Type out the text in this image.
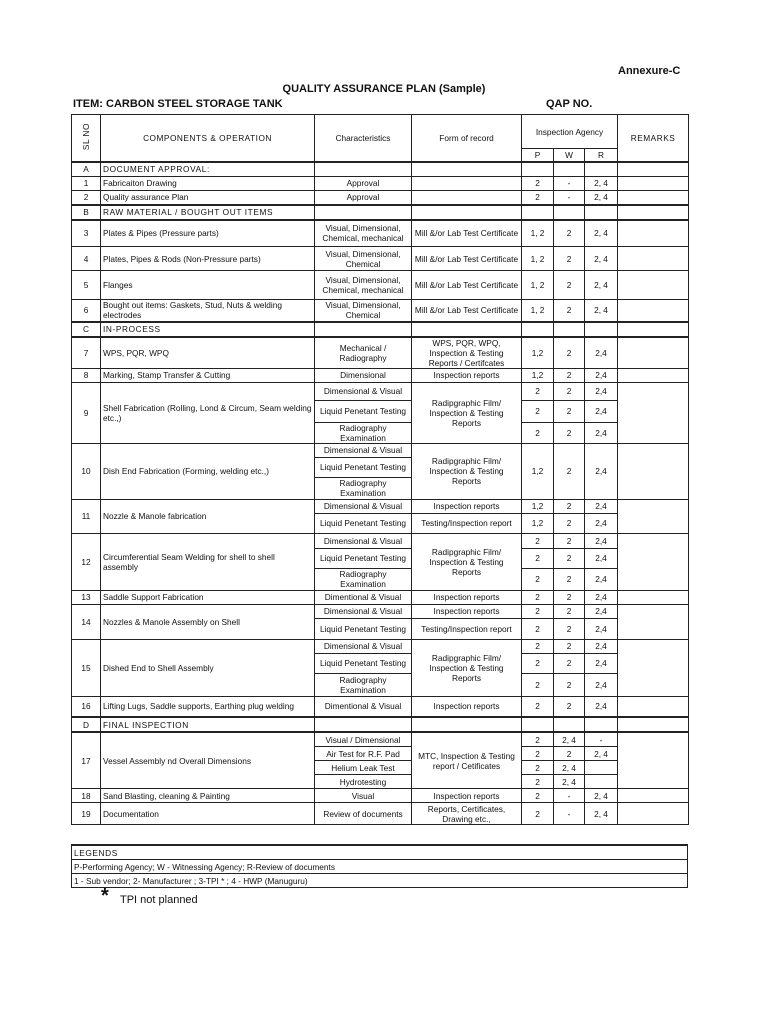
Annexure-C
QUALITY ASSURANCE PLAN (Sample)
ITEM: CARBON STEEL STORAGE TANK	QAP NO.
SL NO	COMPONENTS & OPERATION	Characteristics	Form of record	Inspection Agency			REMARKS
				P	W	R	
A	DOCUMENT APPROVAL:						
1	Fabricaiton Drawing	Approval		2	-	2, 4	
2	Quality assurance Plan	Approval		2	-	2, 4	
B	RAW MATERIAL / BOUGHT OUT ITEMS						
3	Plates & Pipes (Pressure parts)	Visual, Dimensional, Chemical, mechanical	Mill &/or Lab Test Certificate	1, 2	2	2, 4	
4	Plates, Pipes & Rods (Non-Pressure parts)	Visual, Dimensional, Chemical	Mill &/or Lab Test Certificate	1, 2	2	2, 4	
5	Flanges	Visual, Dimensional, Chemical, mechanical	Mill &/or Lab Test Certificate	1, 2	2	2, 4	
6	Bought out items: Gaskets, Stud, Nuts & welding electrodes	Visual, Dimensional, Chemical	Mill &/or Lab Test Certificate	1, 2	2	2, 4	
C	IN-PROCESS						
7	WPS, PQR, WPQ	Mechanical / Radiography	WPS, PQR, WPQ, Inspection & Testing Reports / Certifcates	1,2	2	2,4	
8	Marking, Stamp Transfer & Cutting	Dimensional	Inspection reports	1,2	2	2,4	
9	Shell Fabrication (Rolling, Lond & Circum, Seam welding etc.,)	Dimensional & Visual	Radipgraphic Film/ Inspection & Testing Reports	2	2	2,4	
		Liquid Penetant Testing		2	2	2,4	
		Radiography Examination		2	2	2,4	
10	Dish End Fabrication (Forming, welding etc.,)	Dimensional & Visual	Radipgraphic Film/ Inspection & Testing Reports	1,2	2	2,4	
		Liquid Penetant Testing					
		Radiography Examination					
11	Nozzle & Manole fabrication	Dimensional & Visual	Inspection reports	1,2	2	2,4	
		Liquid Penetant Testing	Testing/Inspection report	1,2	2	2,4	
12	Circumferential Seam Welding for shell to shell assembly	Dimensional & Visual	Radipgraphic Film/ Inspection & Testing Reports	2	2	2,4	
		Liquid Penetant Testing		2	2	2,4	
		Radiography Examination		2	2	2,4	
13	Saddle Support Fabrication	Dimentional & Visual	Inspection reports	2	2	2,4	
14	Nozzles & Manole Assembly on Shell	Dimensional & Visual	Inspection reports	2	2	2,4	
		Liquid Penetant Testing	Testing/Inspection report	2	2	2,4	
15	Dished End to Shell Assembly	Dimensional & Visual	Radipgraphic Film/ Inspection & Testing Reports	2	2	2,4	
		Liquid Penetant Testing		2	2	2,4	
		Radiography Examination		2	2	2,4	
16	Lifting Lugs, Saddle supports, Earthing plug welding	Dimentional & Visual	Inspection reports	2	2	2,4	
D	FINAL INSPECTION						
17	Vessel Assembly nd Overall Dimensions	Visual / Dimensional	MTC, Inspection & Testing report / Cetificates	2	2, 4	-	
		Air Test for R.F. Pad		2	2	2, 4	
		Helium Leak Test		2	2, 4		
		Hydrotesting		2	2, 4		
18	Sand Blasting, cleaning & Painting	Visual	Inspection reports	2	-	2, 4	
19	Documentation	Review of documents	Reports, Certificates, Drawing etc.,	2	-	2, 4	
LEGENDS
P-Performing Agency; W - Witnessing Agency; R-Review of documents
1 - Sub vendor; 2- Manufacturer ; 3-TPI * ; 4 - HWP (Manuguru)
* TPI not planned
